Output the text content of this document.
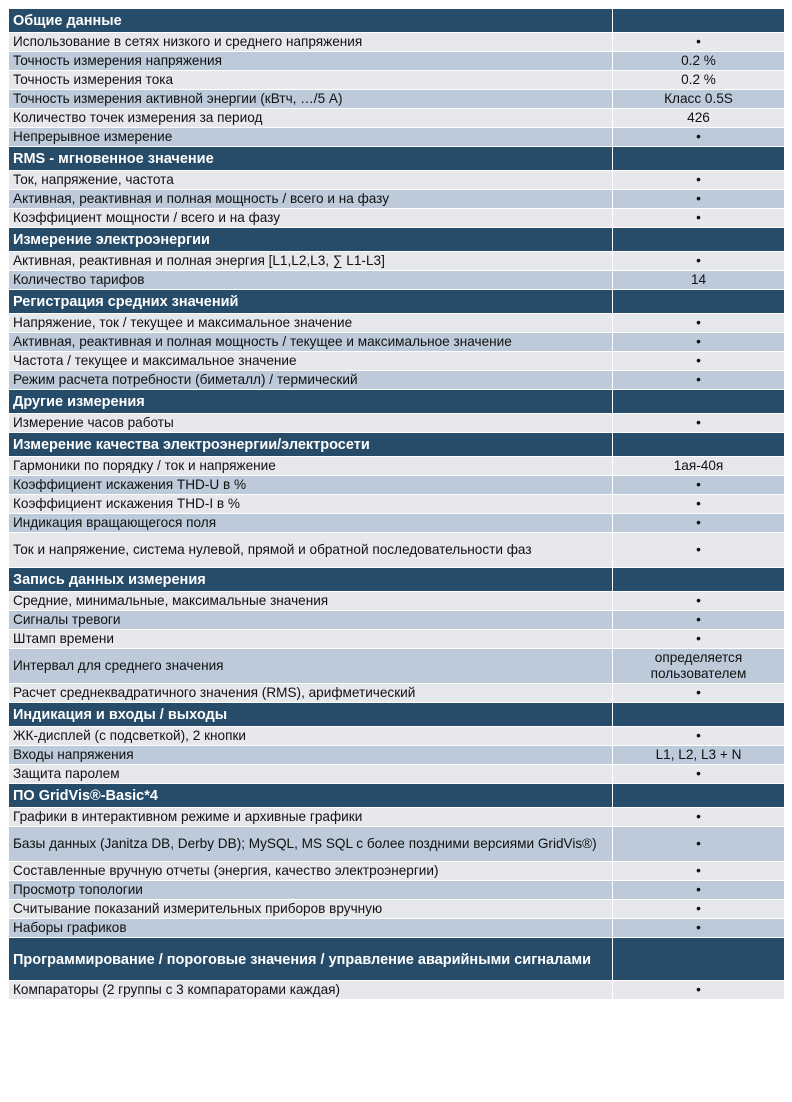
Общие данные	
Использование в сетях низкого и среднего напряжения	•
Точность измерения напряжения	0.2 %
Точность измерения тока	0.2 %
Точность измерения активной энергии (кВтч, …/5 А)	Класс 0.5S
Количество точек измерения за период	426
Непрерывное измерение	•
RMS - мгновенное значение	
Ток, напряжение, частота	•
Активная, реактивная и полная мощность / всего и на фазу	•
Коэффициент мощности / всего и на фазу	•
Измерение электроэнергии	
Активная, реактивная и полная энергия [L1,L2,L3, ∑ L1-L3]	•
Количество тарифов	14
Регистрация средних значений	
Напряжение, ток / текущее и максимальное значение	•
Активная, реактивная и полная мощность / текущее и максимальное значение	•
Частота / текущее и максимальное значение	•
Режим расчета потребности (биметалл) / термический	•
Другие измерения	
Измерение часов работы	•
Измерение качества электроэнергии/электросети	
Гармоники по порядку / ток и напряжение	1ая-40я
Коэффициент искажения THD-U в %	•
Коэффициент искажения THD-I в %	•
Индикация вращающегося поля	•
Ток и напряжение, система нулевой, прямой и обратной последовательности фаз	•
Запись данных измерения	
Средние, минимальные, максимальные значения	•
Сигналы тревоги	•
Штамп времени	•
Интервал для среднего значения	определяется пользователем
Расчет среднеквадратичного значения (RMS), арифметический	•
Индикация и входы / выходы	
ЖК-дисплей (с подсветкой), 2 кнопки	•
Входы напряжения	L1, L2, L3 + N
Защита паролем	•
ПО GridVis®-Basic*4	
Графики в интерактивном режиме и архивные графики	•
Базы данных (Janitza DB, Derby DB); MySQL, MS SQL с более поздними версиями GridVis®)	•
Составленные вручную отчеты (энергия, качество электроэнергии)	•
Просмотр топологии	•
Считывание показаний измерительных приборов вручную	•
Наборы графиков	•
Программирование / пороговые значения / управление аварийными сигналами	
Компараторы (2 группы с 3 компараторами каждая)	•
